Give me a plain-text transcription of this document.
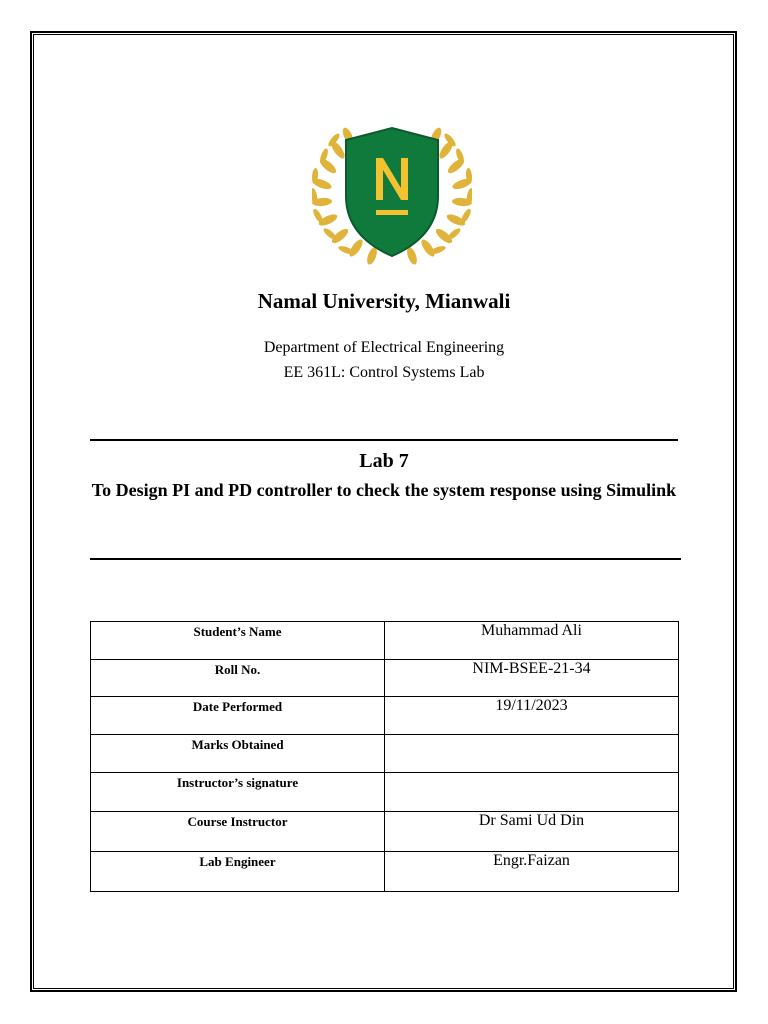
Namal University, Mianwali
Department of Electrical Engineering
EE 361L: Control Systems Lab
Lab 7
To Design PI and PD controller to check the system response using Simulink
Student’s Name	Muhammad Ali
Roll No.	NIM-BSEE-21-34
Date Performed	19/11/2023
Marks Obtained	
Instructor’s signature	
Course Instructor	Dr Sami Ud Din
Lab Engineer	Engr.Faizan
